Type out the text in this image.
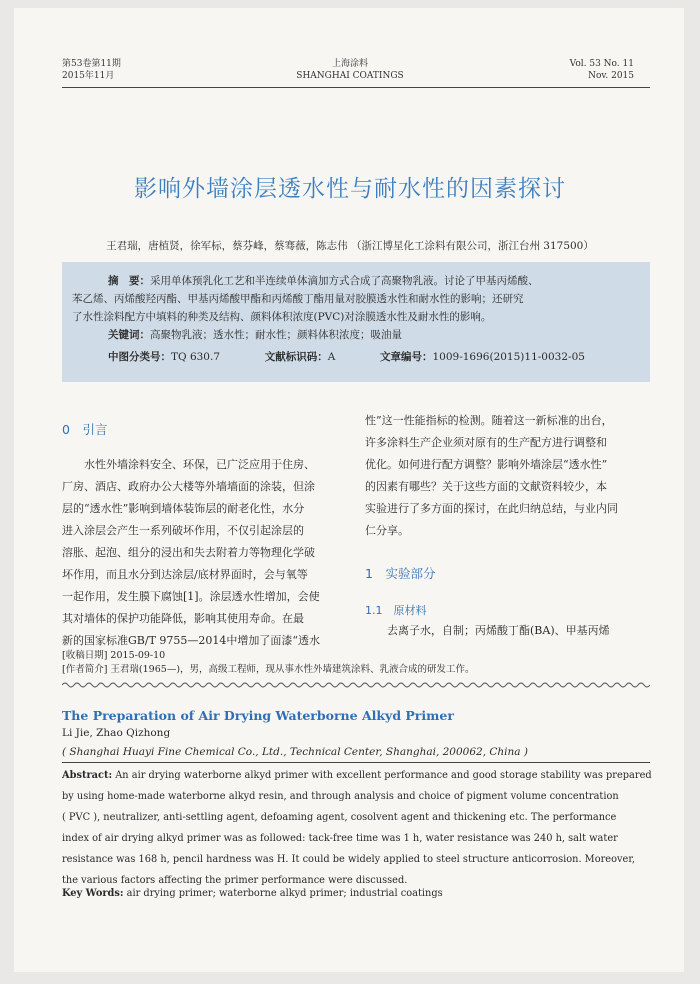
第53卷第11期
2015年11月
上海涂料
SHANGHAI COATINGS
Vol. 53 No. 11
Nov. 2015
影响外墙涂层透水性与耐水性的因素探讨
王君瑞，唐植贤，徐军标，蔡芬峰，蔡骞薇，陈志伟 （浙江博星化工涂料有限公司，浙江台州 317500）
摘　要：采用单体预乳化工艺和半连续单体滴加方式合成了高聚物乳液。讨论了甲基丙烯酸、
苯乙烯、丙烯酸羟丙酯、甲基丙烯酸甲酯和丙烯酸丁酯用量对胶膜透水性和耐水性的影响；还研究
了水性涂料配方中填料的种类及结构、颜料体积浓度(PVC)对涂膜透水性及耐水性的影响。
关键词：高聚物乳液；透水性；耐水性；颜料体积浓度；吸油量
中图分类号：TQ 630.7	文献标识码：A	文章编号：1009-1696(2015)11-0032-05
0　引言
水性外墙涂料安全、环保，已广泛应用于住房、
厂房、酒店、政府办公大楼等外墙墙面的涂装，但涂
层的“透水性”影响到墙体装饰层的耐老化性，水分
进入涂层会产生一系列破坏作用，不仅引起涂层的
溶胀、起泡、组分的浸出和失去附着力等物理化学破
坏作用，而且水分到达涂层/底材界面时，会与氧等
一起作用，发生膜下腐蚀[1]。涂层透水性增加，会使
其对墙体的保护功能降低，影响其使用寿命。在最
新的国家标准GB/T 9755—2014中增加了面漆“透水
性”这一性能指标的检测。随着这一新标准的出台，
许多涂料生产企业须对原有的生产配方进行调整和
优化。如何进行配方调整？影响外墙涂层“透水性”
的因素有哪些？关于这些方面的文献资料较少，本
实验进行了多方面的探讨，在此归纳总结，与业内同
仁分享。
1　实验部分
1.1　原材料
去离子水，自制；丙烯酸丁酯(BA)、甲基丙烯
[收稿日期] 2015-09-10
[作者简介] 王君瑞(1965—)，男，高级工程师，现从事水性外墙建筑涂料、乳液合成的研发工作。
The Preparation of Air Drying Waterborne Alkyd Primer
Li Jie, Zhao Qizhong
( Shanghai Huayi Fine Chemical Co., Ltd., Technical Center, Shanghai, 200062, China )
Abstract: An air drying waterborne alkyd primer with excellent performance and good storage stability was prepared
by using home-made waterborne alkyd resin, and through analysis and choice of pigment volume concentration
( PVC ), neutralizer, anti-settling agent, defoaming agent, cosolvent agent and thickening etc. The performance
index of air drying alkyd primer was as followed: tack-free time was 1 h, water resistance was 240 h, salt water
resistance was 168 h, pencil hardness was H. It could be widely applied to steel structure anticorrosion. Moreover,
the various factors affecting the primer performance were discussed.
Key Words: air drying primer; waterborne alkyd primer; industrial coatings
